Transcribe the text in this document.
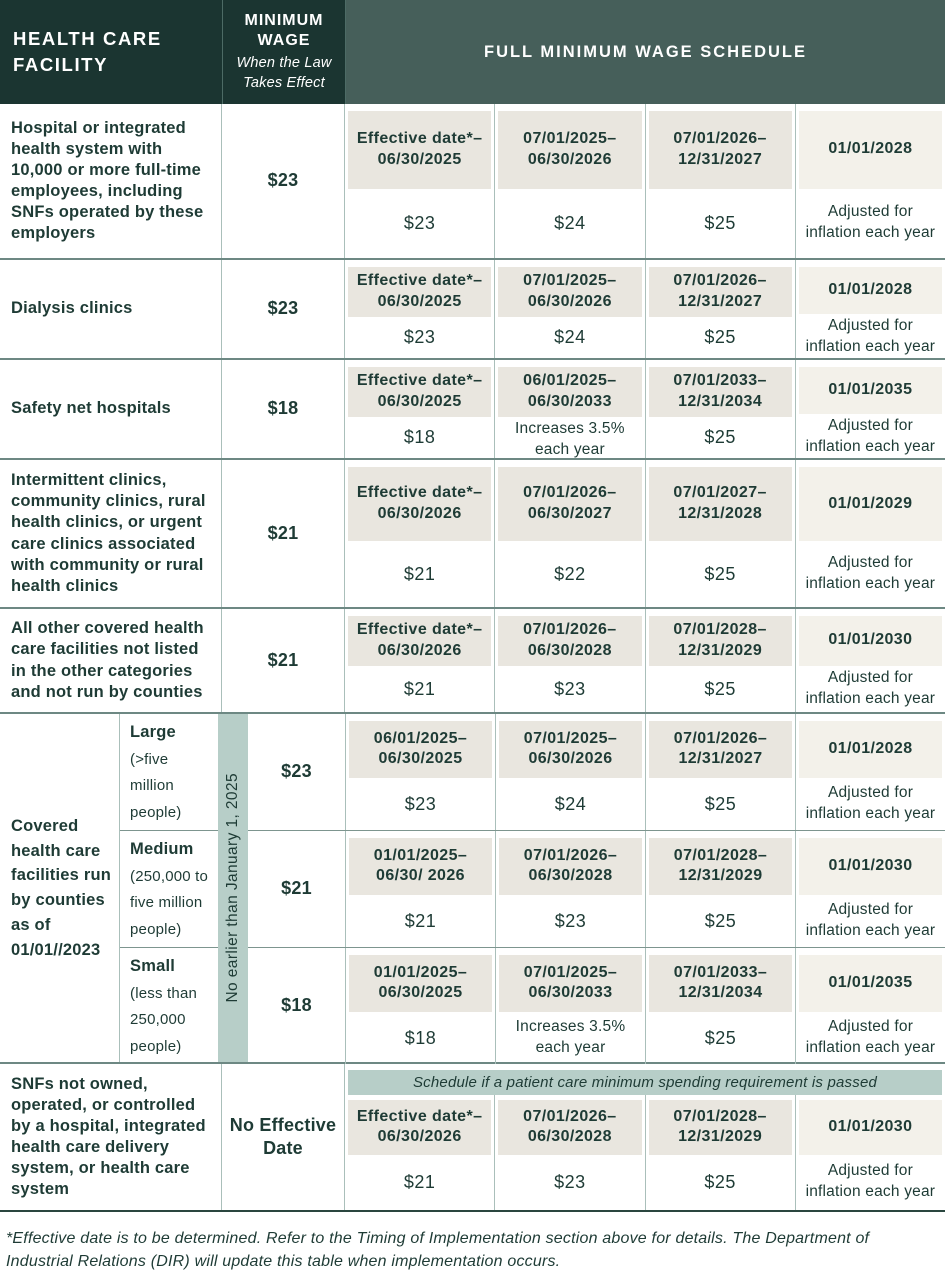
HEALTH CARE FACILITY
MINIMUM WAGE
When the Law Takes Effect
FULL MINIMUM WAGE SCHEDULE
Hospital or integrated health system with 10,000 or more full-time employees, including SNFs operated by these employers
$23
Effective date*– 06/30/2025
$23
07/01/2025– 06/30/2026
$24
07/01/2026– 12/31/2027
$25
01/01/2028
Adjusted for inflation each year
Dialysis clinics	$23
Effective date*– 06/30/2025
$23
07/01/2025– 06/30/2026
$24
07/01/2026– 12/31/2027
$25
01/01/2028
Adjusted for inflation each year
Safety net hospitals	$18
Effective date*– 06/30/2025
$18
06/01/2025– 06/30/2033
Increases 3.5% each year
07/01/2033– 12/31/2034
$25
01/01/2035
Adjusted for inflation each year
Intermittent clinics, community clinics, rural health clinics, or urgent care clinics associated with community or rural health clinics
$21
Effective date*– 06/30/2026
$21
07/01/2026– 06/30/2027
$22
07/01/2027– 12/31/2028
$25
01/01/2029
Adjusted for inflation each year
All other covered health care facilities not listed in the other categories and not run by counties
$21
Effective date*– 06/30/2026
$21
07/01/2026– 06/30/2028
$23
07/01/2028– 12/31/2029
$25
01/01/2030
Adjusted for inflation each year
Covered health care facilities run by counties as of 01/01//2023
Large
(>five million people)
$23
06/01/2025– 06/30/2025
$23
07/01/2025– 06/30/2026
$24
07/01/2026– 12/31/2027
$25
01/01/2028
Adjusted for inflation each year
Medium
(250,000 to five million people)
$21
01/01/2025– 06/30/ 2026
$21
07/01/2026– 06/30/2028
$23
07/01/2028– 12/31/2029
$25
01/01/2030
Adjusted for inflation each year
Small
(less than 250,000 people)
$18
01/01/2025– 06/30/2025
$18
07/01/2025– 06/30/2033
Increases 3.5% each year
07/01/2033– 12/31/2034
$25
01/01/2035
Adjusted for inflation each year
No earlier than January 1, 2025
SNFs not owned, operated, or controlled by a hospital, integrated health care delivery system, or health care system
No Effective Date
Schedule if a patient care minimum spending requirement is passed
Effective date*– 06/30/2026
$21
07/01/2026– 06/30/2028
$23
07/01/2028– 12/31/2029
$25
01/01/2030
Adjusted for inflation each year
*Effective date is to be determined. Refer to the Timing of Implementation section above for details. The Department of Industrial Relations (DIR) will update this table when implementation occurs.
